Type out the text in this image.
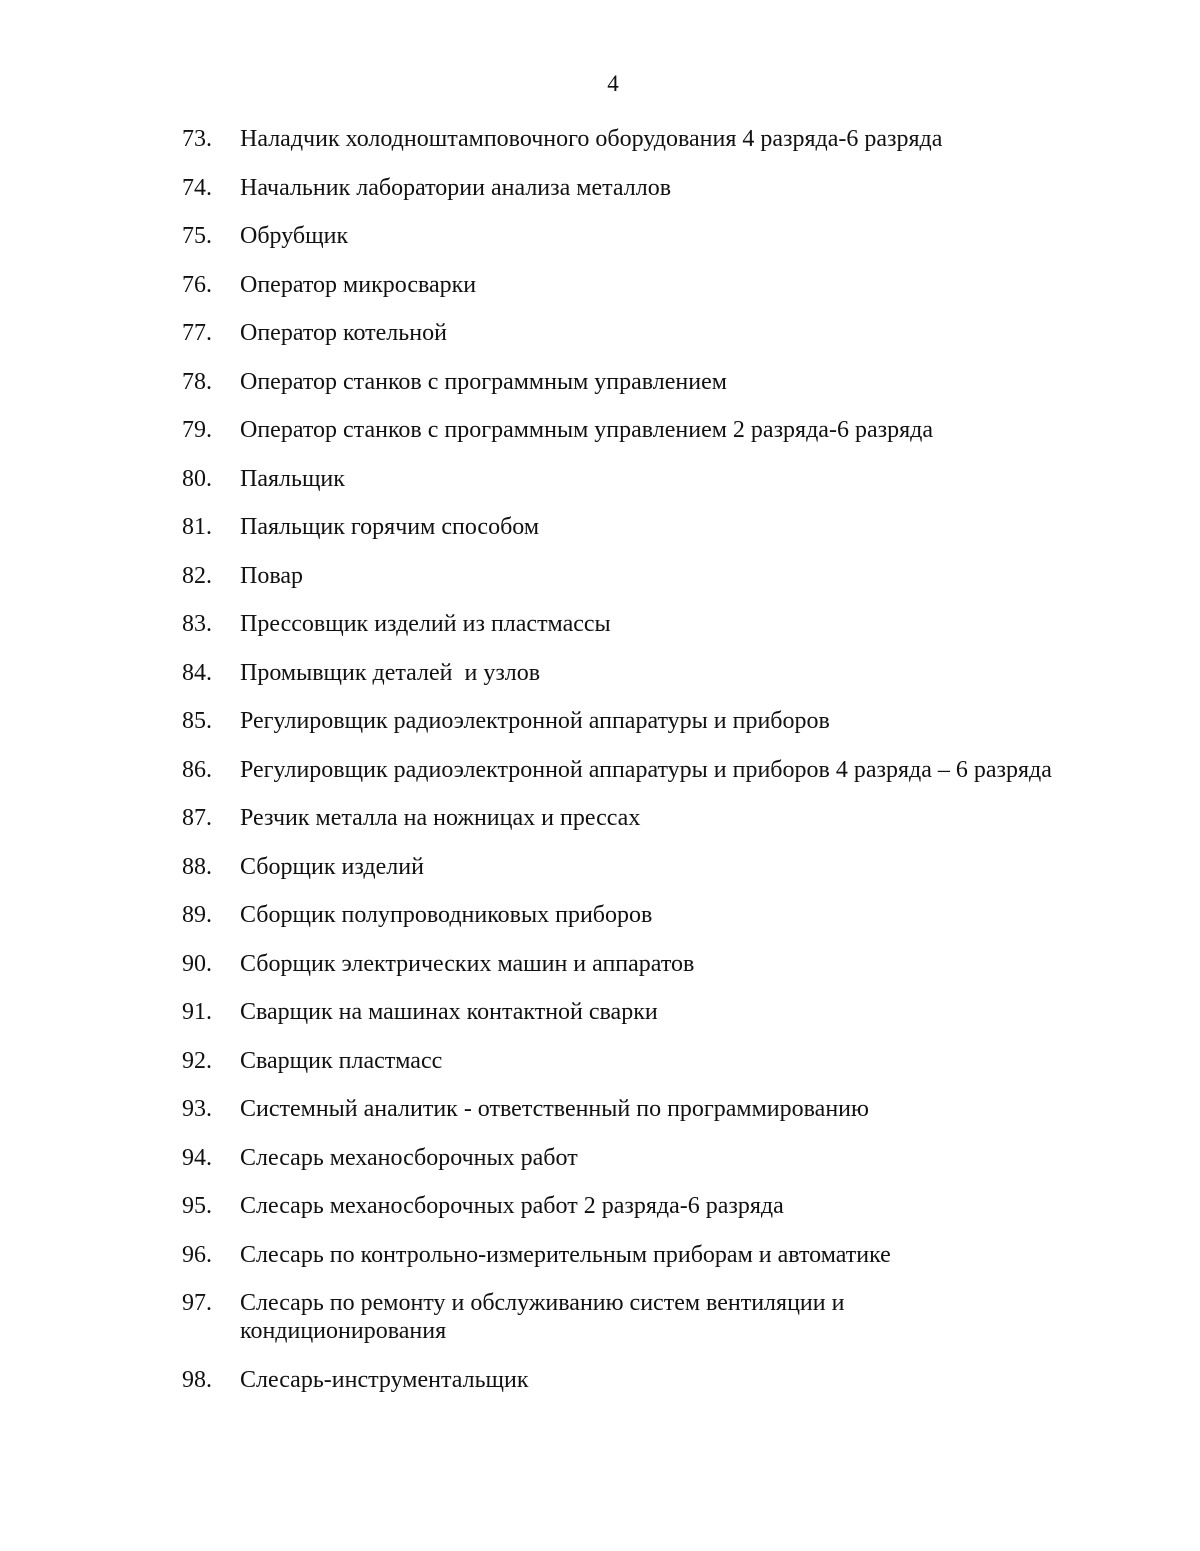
4
73.	Наладчик холодноштамповочного оборудования 4 разряда-6 разряда
74.	Начальник лаборатории анализа металлов
75.	Обрубщик
76.	Оператор микросварки
77.	Оператор котельной
78.	Оператор станков с программным управлением
79.	Оператор станков с программным управлением 2 разряда-6 разряда
80.	Паяльщик
81.	Паяльщик горячим способом
82.	Повар
83.	Прессовщик изделий из пластмассы
84.	Промывщик деталей  и узлов
85.	Регулировщик радиоэлектронной аппаратуры и приборов
86.	Регулировщик радиоэлектронной аппаратуры и приборов 4 разряда – 6 разряда
87.	Резчик металла на ножницах и прессах
88.	Сборщик изделий
89.	Сборщик полупроводниковых приборов
90.	Сборщик электрических машин и аппаратов
91.	Сварщик на машинах контактной сварки
92.	Сварщик пластмасс
93.	Системный аналитик - ответственный по программированию
94.	Слесарь механосборочных работ
95.	Слесарь механосборочных работ 2 разряда-6 разряда
96.	Слесарь по контрольно-измерительным приборам и автоматике
97.	Слесарь по ремонту и обслуживанию систем вентиляции и кондиционирования
98.	Слесарь-инструментальщик
